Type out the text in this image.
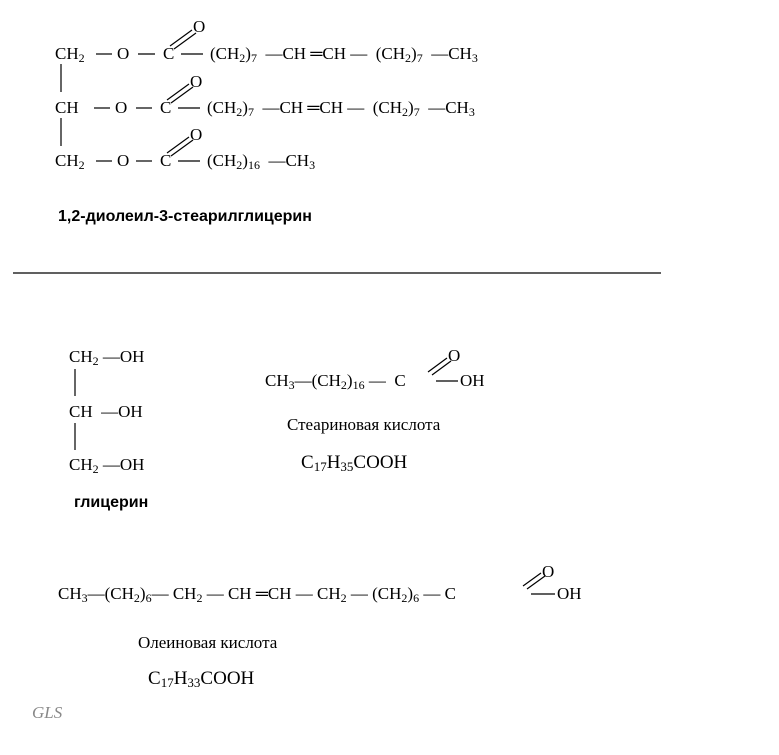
$CH_2$ O C
O
$(CH_2)_7$  —CH ═CH —  $(CH_2)_7$  $—CH_3$
CH O C
O
$(CH_2)_7$  —CH ═CH —  $(CH_2)_7$  $—CH_3$
$CH_2$ O C
O
$(CH_2)_{16}$  $—CH_3$
1,2-диолеил-3-стеарилглицерин
$CH_2$ —OH
CH  —OH
$CH_2$ —OH
глицерин
$CH_3—(CH_2)_{16}$ —  C
O
OH
Стеариновая кислота
$C_{17}H_{35}COOH$
$CH_3—(CH_2)_6—$ $CH_2$ — CH ═CH — $CH_2$ — $(CH_2)_6$ — C
O
OH
Олеиновая кислота
$C_{17}H_{33}COOH$
GLS
